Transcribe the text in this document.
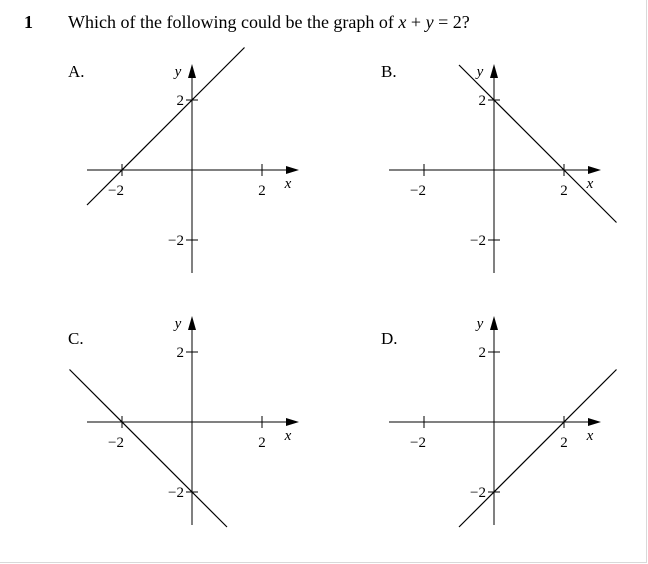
1 Which of the following could be the graph of x + y = 2?
A.	B.
C.	D.
−2	2
2
−2
x
y
−2	2
2
−2
x
y
−2	2
2
−2
x
y
−2	2
2
−2
x
y
